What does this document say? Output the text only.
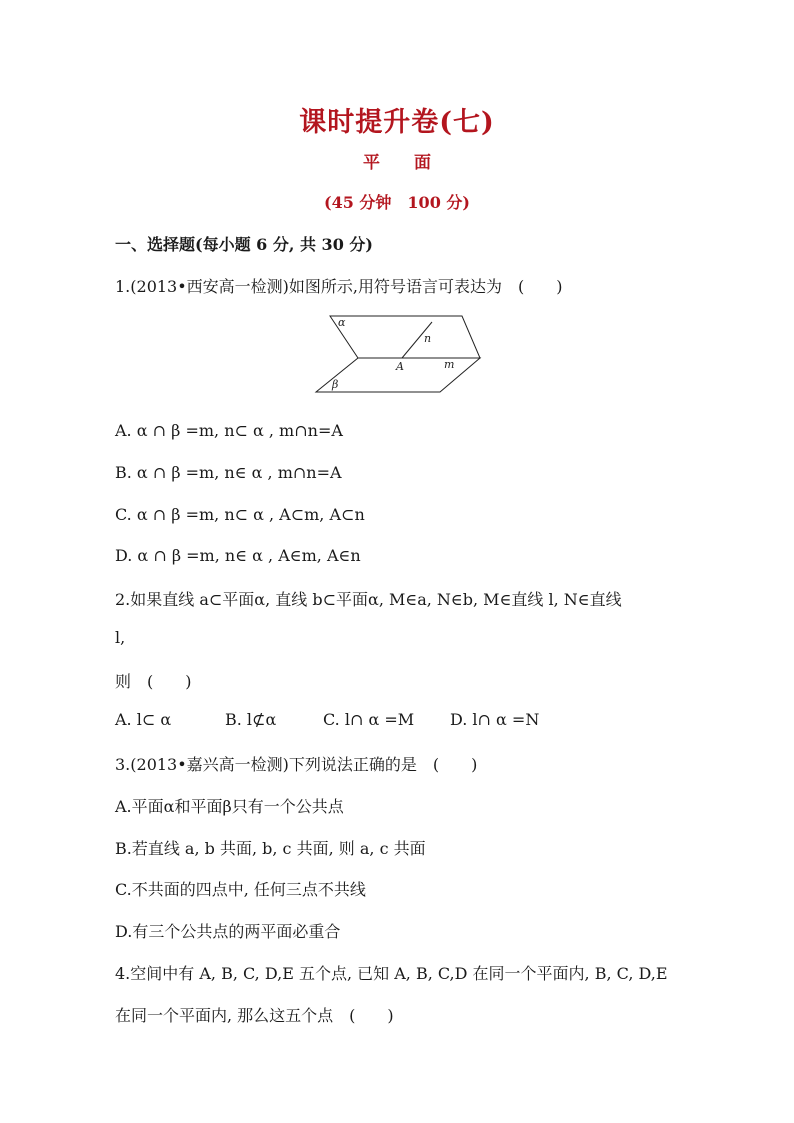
课时提升卷(七)
平　　面
(45 分钟　100 分)
一、选择题(每小题 6 分, 共 30 分)
1.(2013•西安高一检测)如图所示,用符号语言可表达为　(　　)
α
β
n
m
A
A. α ∩ β =m, n⊂ α , m∩n=A
B. α ∩ β =m, n∈ α , m∩n=A
C. α ∩ β =m, n⊂ α , A⊂m, A⊂n
D. α ∩ β =m, n∈ α , A∈m, A∈n
2.如果直线 a⊂平面α, 直线 b⊂平面α, M∈a, N∈b, M∈直线 l, N∈直线
l,
则　(　　)
A. l⊂ α	B. l⊄α	C. l∩ α =M D. l∩ α =N
3.(2013•嘉兴高一检测)下列说法正确的是　(　　)
A.平面α和平面β只有一个公共点
B.若直线 a, b 共面, b, c 共面, 则 a, c 共面
C.不共面的四点中, 任何三点不共线
D.有三个公共点的两平面必重合
4.空间中有 A, B, C, D,E 五个点, 已知 A, B, C,D 在同一个平面内, B, C, D,E
在同一个平面内, 那么这五个点　(　　)
